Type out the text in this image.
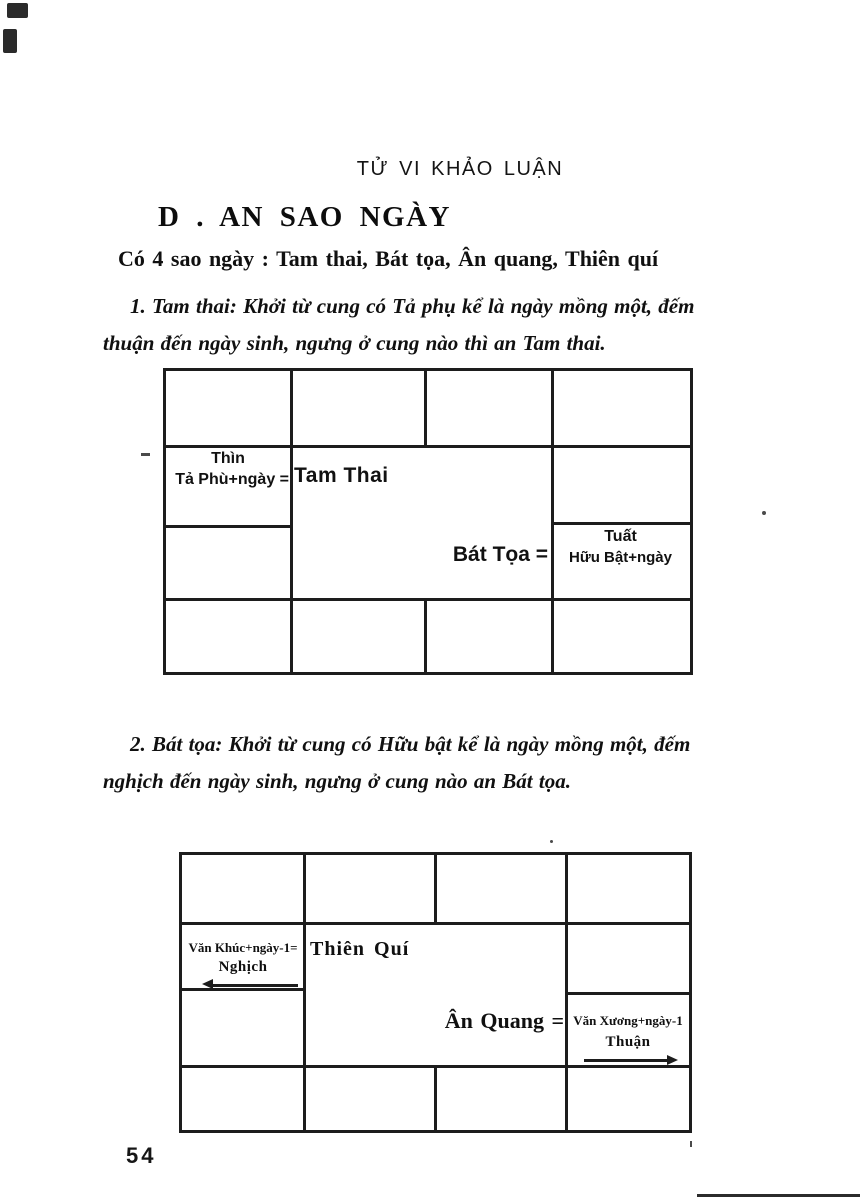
TỬ VI KHẢO LUẬN
D . AN SAO NGÀY
Có 4 sao ngày : Tam thai, Bát tọa, Ân quang, Thiên quí
1. Tam thai: Khởi từ cung có Tả phụ kể là ngày mồng một, đếm
thuận đến ngày sinh, ngưng ở cung nào thì an Tam thai.
Thìn
Tả Phù+ngày = Tam Thai
Bát Tọa =
Tuất
Hữu Bật+ngày
2. Bát tọa: Khởi từ cung có Hữu bật kể là ngày mồng một, đếm
nghịch đến ngày sinh, ngưng ở cung nào an Bát tọa.
Văn Khúc+ngày-1=
Nghịch
Thiên Quí
Ân Quang = Văn Xương+ngày-1
Thuận
54
